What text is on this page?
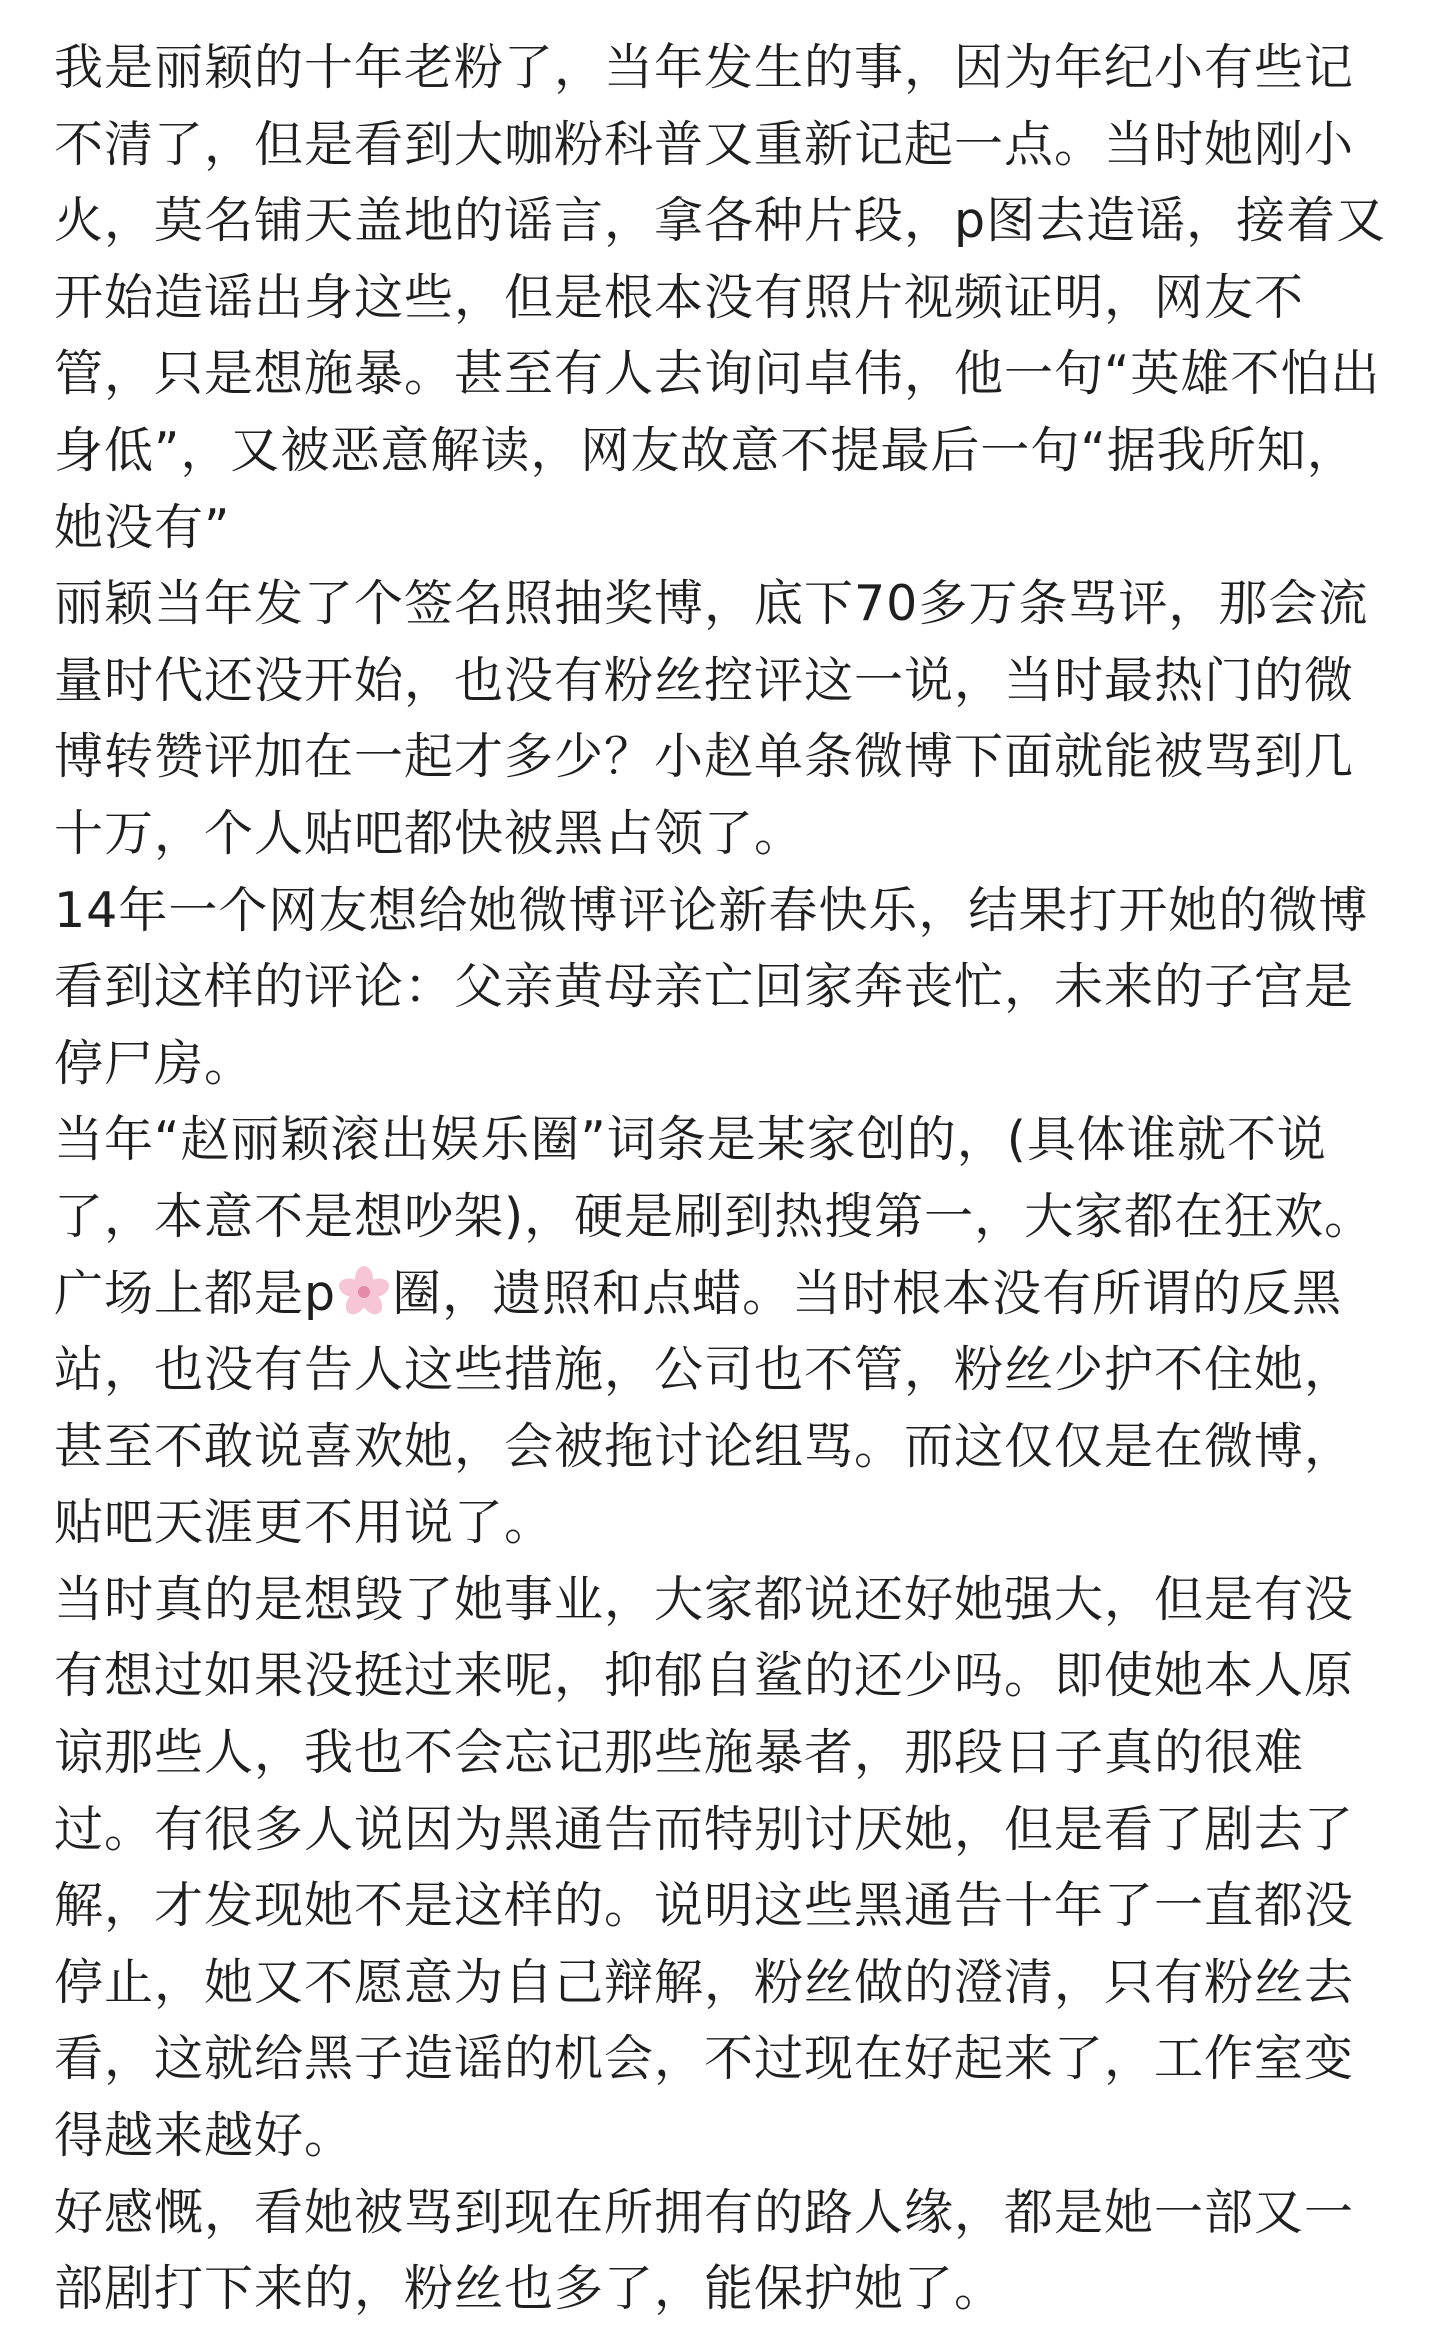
我是丽颖的十年老粉了，当年发生的事，因为年纪小有些记不清了，但是看到大咖粉科普又重新记起一点。当时她刚小火，莫名铺天盖地的谣言，拿各种片段，p图去造谣，接着又开始造谣出身这些，但是根本没有照片视频证明，网友不管，只是想施暴。甚至有人去询问卓伟，他一句“英雄不怕出身低”，又被恶意解读，网友故意不提最后一句“据我所知，她没有”

丽颖当年发了个签名照抽奖博，底下70多万条骂评，那会流量时代还没开始，也没有粉丝控评这一说，当时最热门的微博转赞评加在一起才多少？小赵单条微博下面就能被骂到几十万，个人贴吧都快被黑占领了。

14年一个网友想给她微博评论新春快乐，结果打开她的微博看到这样的评论：父亲黄母亲亡回家奔丧忙，未来的子宫是停尸房。

当年“赵丽颖滚出娱乐圈”词条是某家创的，(具体谁就不说了，本意不是想吵架)，硬是刷到热搜第一，大家都在狂欢。广场上都是p 圈，遗照和点蜡。当时根本没有所谓的反黑站，也没有告人这些措施，公司也不管，粉丝少护不住她，甚至不敢说喜欢她，会被拖讨论组骂。而这仅仅是在微博，贴吧天涯更不用说了。

当时真的是想毁了她事业，大家都说还好她强大，但是有没有想过如果没挺过来呢，抑郁自鲨的还少吗。即使她本人原谅那些人，我也不会忘记那些施暴者，那段日子真的很难过。有很多人说因为黑通告而特别讨厌她，但是看了剧去了解，才发现她不是这样的。说明这些黑通告十年了一直都没停止，她又不愿意为自己辩解，粉丝做的澄清，只有粉丝去看，这就给黑子造谣的机会，不过现在好起来了，工作室变得越来越好。

好感慨，看她被骂到现在所拥有的路人缘，都是她一部又一部剧打下来的，粉丝也多了，能保护她了。
